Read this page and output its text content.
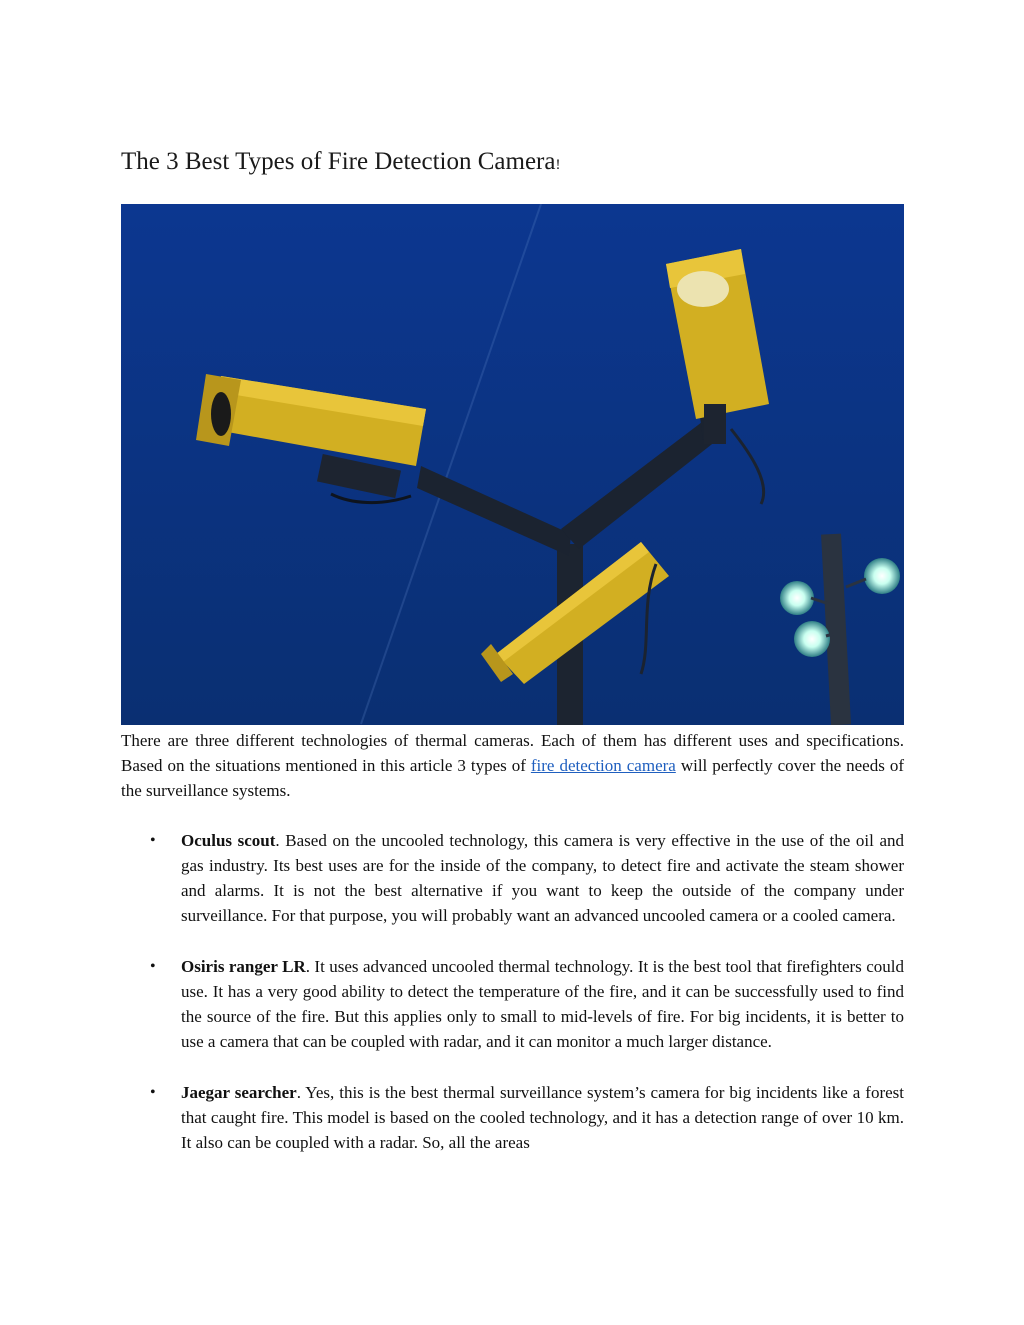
The 3 Best Types of Fire Detection Camera!

There are three different technologies of thermal cameras. Each of them has different uses and specifications. Based on the situations mentioned in this article 3 types of fire detection camera will perfectly cover the needs of the surveillance systems.

• Oculus scout. Based on the uncooled technology, this camera is very effective in the use of the oil and gas industry. Its best uses are for the inside of the company, to detect fire and activate the steam shower and alarms. It is not the best alternative if you want to keep the outside of the company under surveillance. For that purpose, you will probably want an advanced uncooled camera or a cooled camera.
• Osiris ranger LR. It uses advanced uncooled thermal technology. It is the best tool that firefighters could use. It has a very good ability to detect the temperature of the fire, and it can be successfully used to find the source of the fire. But this applies only to small to mid-levels of fire. For big incidents, it is better to use a camera that can be coupled with radar, and it can monitor a much larger distance.
• Jaegar searcher. Yes, this is the best thermal surveillance system’s camera for big incidents like a forest that caught fire. This model is based on the cooled technology, and it has a detection range of over 10 km. It also can be coupled with a radar. So, all the areas
